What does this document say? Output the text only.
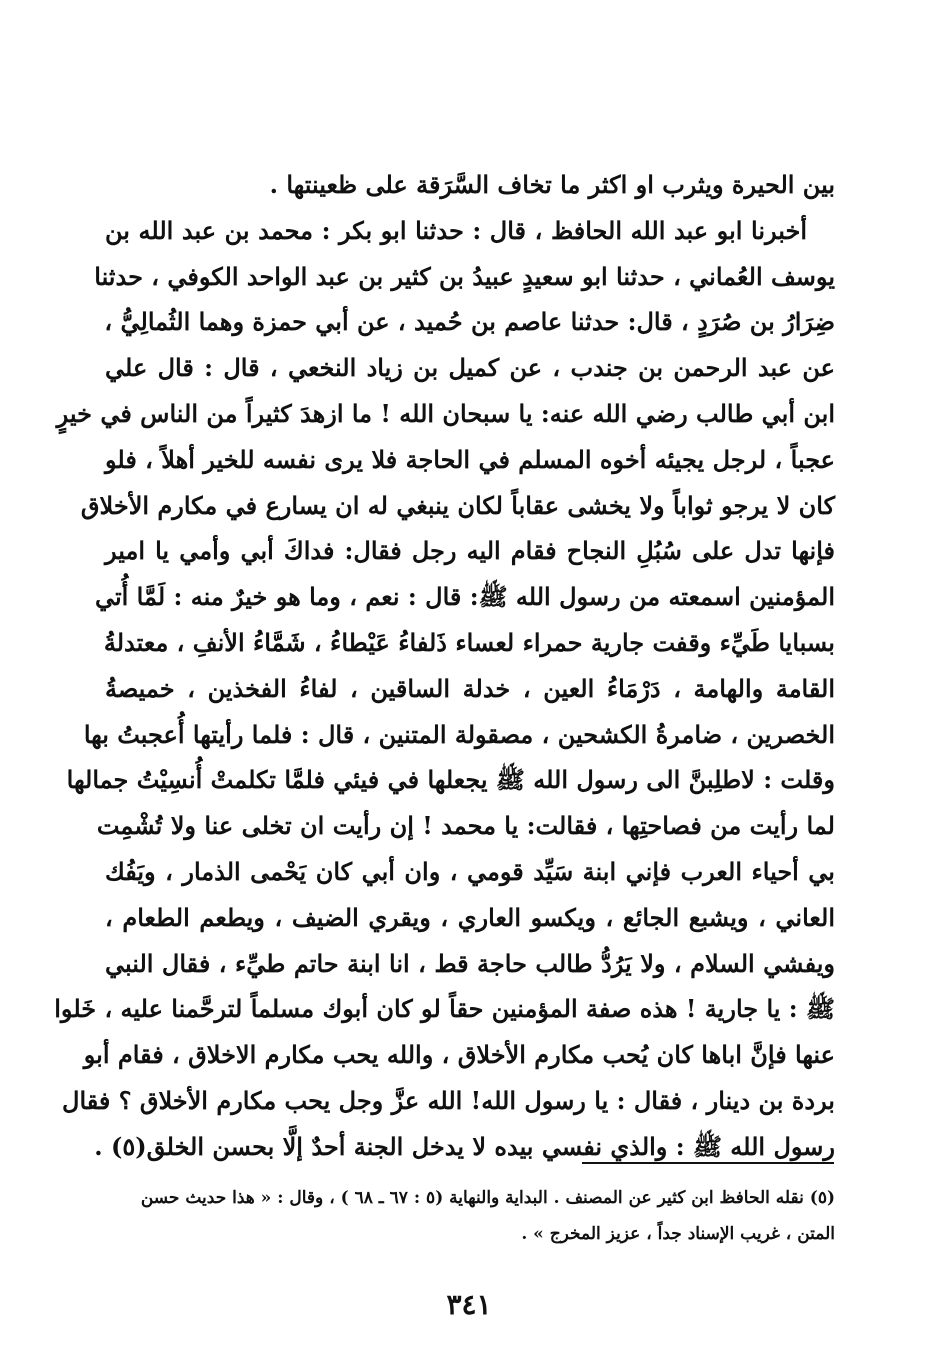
بين الحيرة ويثرب او اكثر ما تخاف السَّرَقة على ظعينتها .
أخبرنا ابو عبد الله الحافظ ، قال : حدثنا ابو بكر : محمد بن عبد الله بن
يوسف العُماني ، حدثنا ابو سعيدٍ عبيدُ بن كثير بن عبد الواحد الكوفي ، حدثنا
ضِرَارُ بن صُرَدٍ ، قال: حدثنا عاصم بن حُميد ، عن أبي حمزة وهما الثُمالِيُّ ،
عن عبد الرحمن بن جندب ، عن كميل بن زياد النخعي ، قال : قال علي
ابن أبي طالب رضي الله عنه: يا سبحان الله ! ما ازهدَ كثيراً من الناس في خيرٍ
عجباً ، لرجل يجيئه أخوه المسلم في الحاجة فلا يرى نفسه للخير أهلاً ، فلو
كان لا يرجو ثواباً ولا يخشى عقاباً لكان ينبغي له ان يسارع في مكارم الأخلاق
فإنها تدل على سُبُلِ النجاح فقام اليه رجل فقال: فداكَ أبي وأمي يا امير
المؤمنين اسمعته من رسول الله ﷺ: قال : نعم ، وما هو خيرٌ منه : لَمَّا أُتي
بسبايا طَيِّء وقفت جارية حمراء لعساء ذَلفاءُ عَيْطاءُ ، شَمَّاءُ الأنفِ ، معتدلةُ
القامة والهامة ، دَرْمَاءُ العين ، خدلة الساقين ، لفاءُ الفخذين ، خميصةُ
الخصرين ، ضامرةُ الكشحين ، مصقولة المتنين ، قال : فلما رأيتها أُعجبتُ بها
وقلت : لاطلِبنَّ الى رسول الله ﷺ يجعلها في فيئي فلمَّا تكلمتْ أُنسِيْتُ جمالها
لما رأيت من فصاحتِها ، فقالت: يا محمد ! إن رأيت ان تخلى عنا ولا تُشْمِت
بي أحياء العرب فإني ابنة سَيِّد قومي ، وان أبي كان يَحْمى الذمار ، ويَفُك
العاني ، ويشبع الجائع ، ويكسو العاري ، ويقري الضيف ، ويطعم الطعام ،
ويفشي السلام ، ولا يَرُدُّ طالب حاجة قط ، انا ابنة حاتم طيِّء ، فقال النبي
ﷺ : يا جارية ! هذه صفة المؤمنين حقاً لو كان أبوك مسلماً لترحَّمنا عليه ، خَلوا
عنها فإنَّ اباها كان يُحب مكارم الأخلاق ، والله يحب مكارم الاخلاق ، فقام أبو
بردة بن دينار ، فقال : يا رسول الله! الله عزَّ وجل يحب مكارم الأخلاق ؟ فقال
رسول الله ﷺ : والذي نفسي بيده لا يدخل الجنة أحدٌ إلَّا بحسن الخلق(٥) .
(٥) نقله الحافظ ابن كثير عن المصنف . البداية والنهاية (٥ : ٦٧ ـ ٦٨ ) ، وقال : « هذا حديث حسن
المتن ، غريب الإسناد جداً ، عزيز المخرج » .
٣٤١
